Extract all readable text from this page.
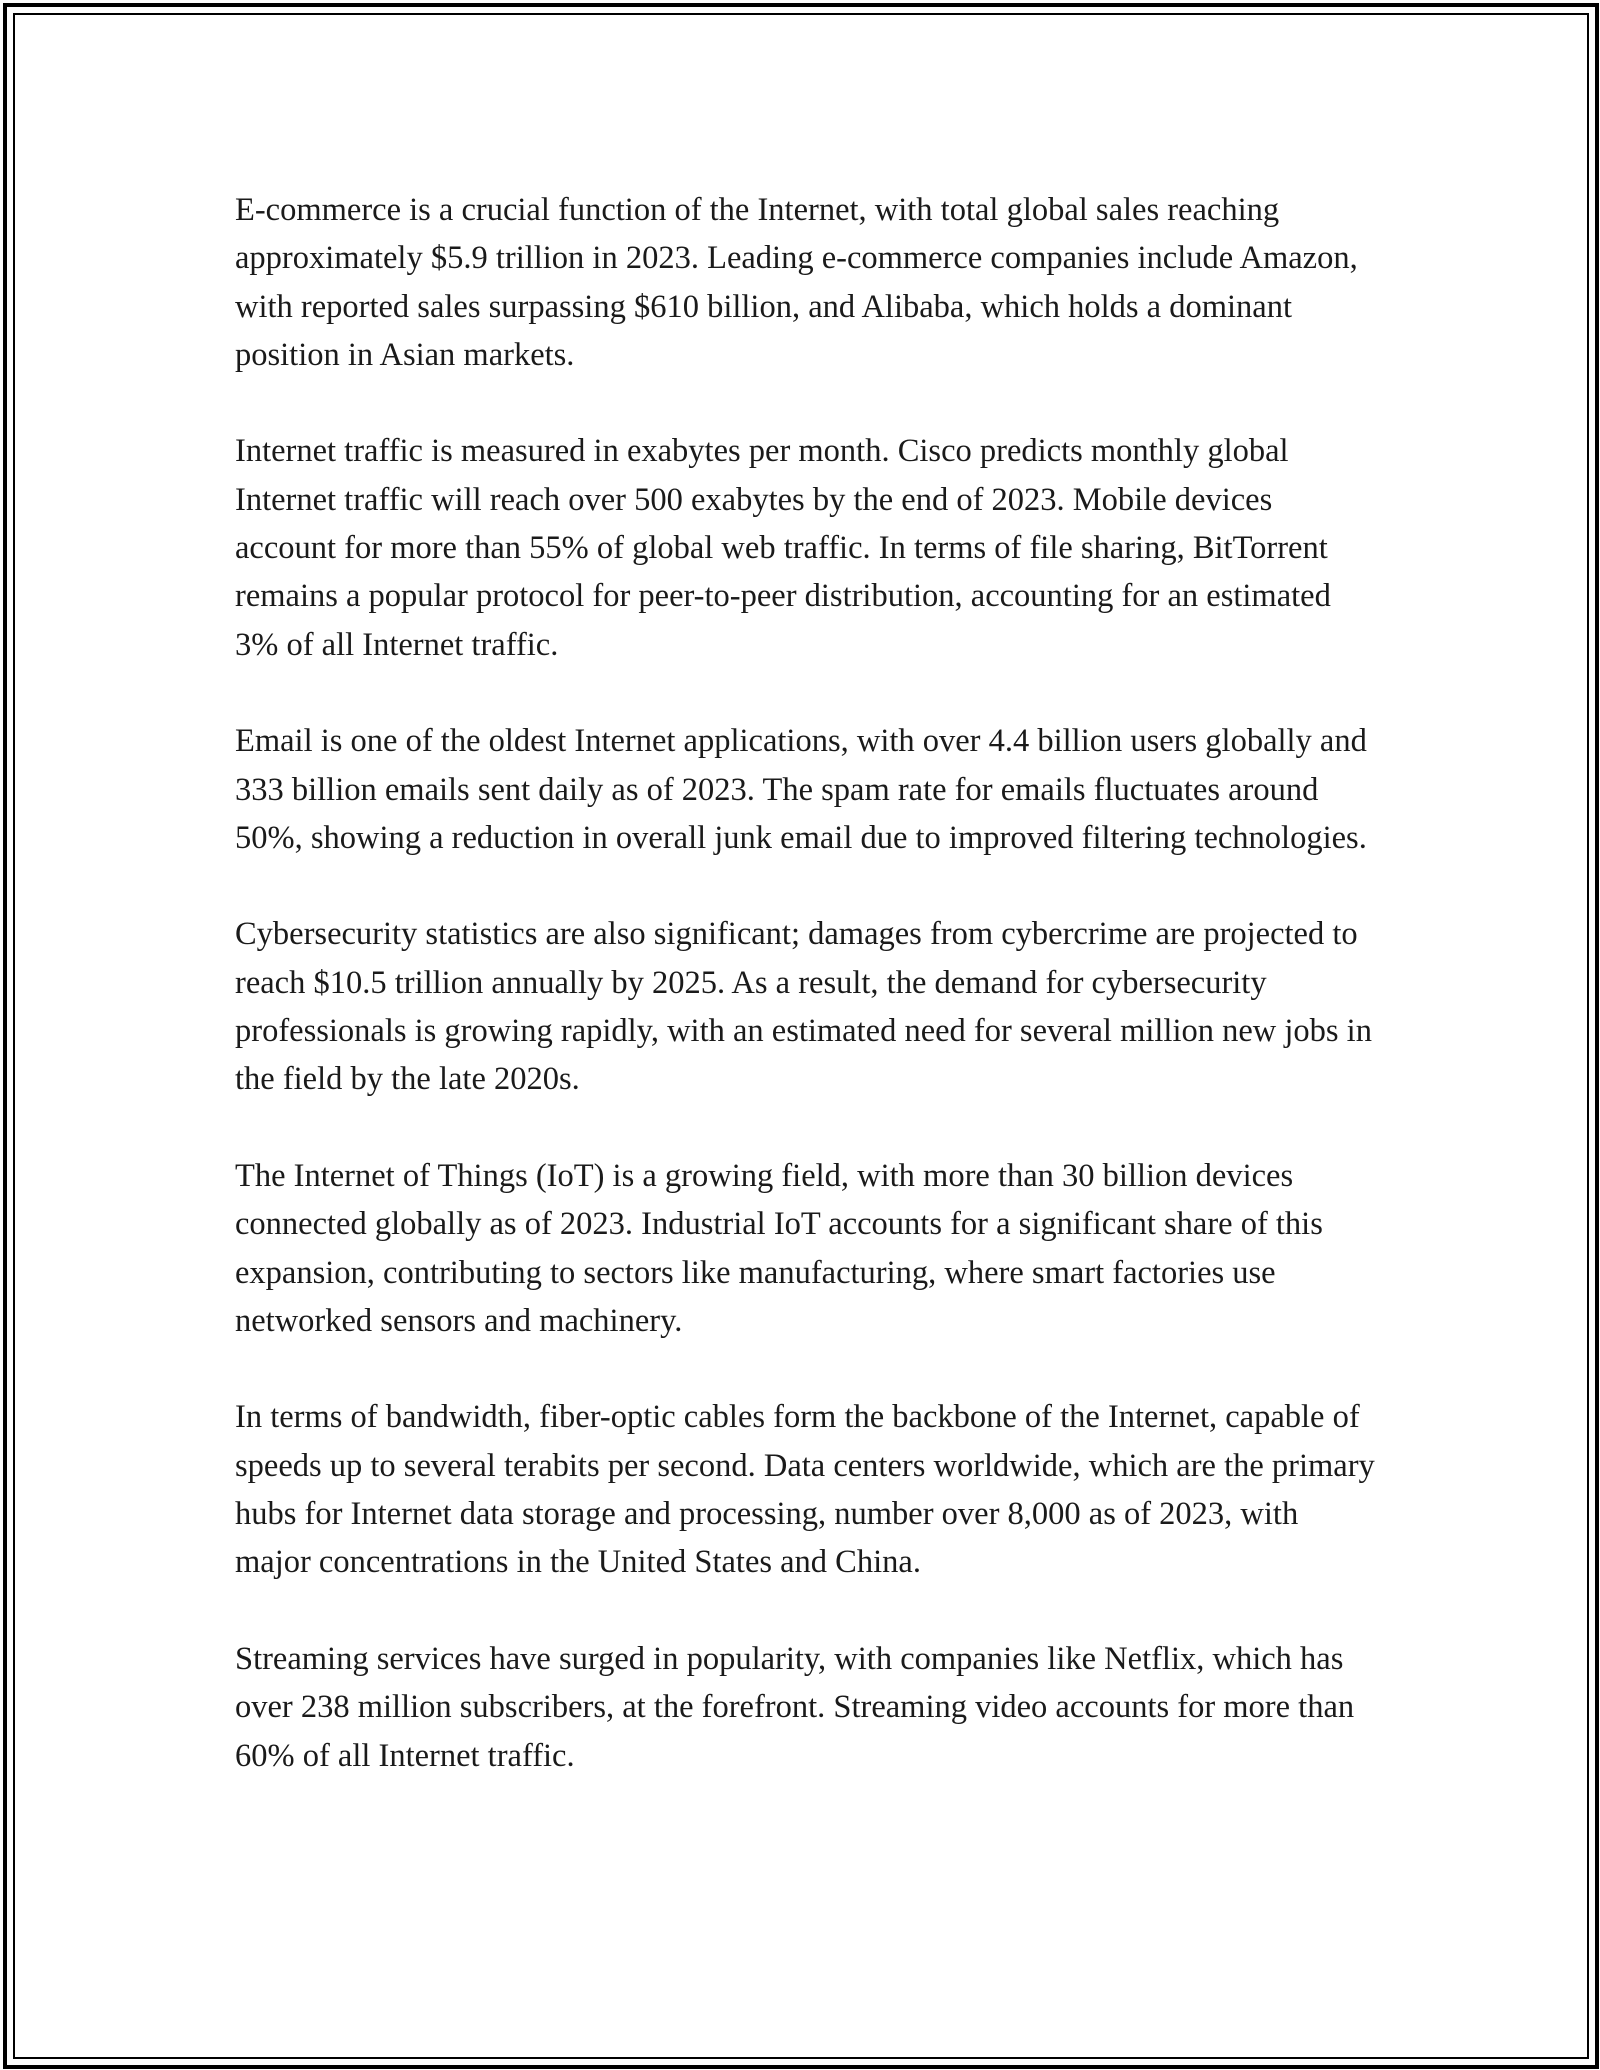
E-commerce is a crucial function of the Internet, with total global sales reaching approximately $5.9 trillion in 2023. Leading e-commerce companies include Amazon, with reported sales surpassing $610 billion, and Alibaba, which holds a dominant position in Asian markets.

Internet traffic is measured in exabytes per month. Cisco predicts monthly global Internet traffic will reach over 500 exabytes by the end of 2023. Mobile devices account for more than 55% of global web traffic. In terms of file sharing, BitTorrent remains a popular protocol for peer-to-peer distribution, accounting for an estimated 3% of all Internet traffic.

Email is one of the oldest Internet applications, with over 4.4 billion users globally and 333 billion emails sent daily as of 2023. The spam rate for emails fluctuates around 50%, showing a reduction in overall junk email due to improved filtering technologies.

Cybersecurity statistics are also significant; damages from cybercrime are projected to reach $10.5 trillion annually by 2025. As a result, the demand for cybersecurity professionals is growing rapidly, with an estimated need for several million new jobs in the field by the late 2020s.

The Internet of Things (IoT) is a growing field, with more than 30 billion devices connected globally as of 2023. Industrial IoT accounts for a significant share of this expansion, contributing to sectors like manufacturing, where smart factories use networked sensors and machinery.

In terms of bandwidth, fiber-optic cables form the backbone of the Internet, capable of speeds up to several terabits per second. Data centers worldwide, which are the primary hubs for Internet data storage and processing, number over 8,000 as of 2023, with major concentrations in the United States and China.

Streaming services have surged in popularity, with companies like Netflix, which has over 238 million subscribers, at the forefront. Streaming video accounts for more than 60% of all Internet traffic.
